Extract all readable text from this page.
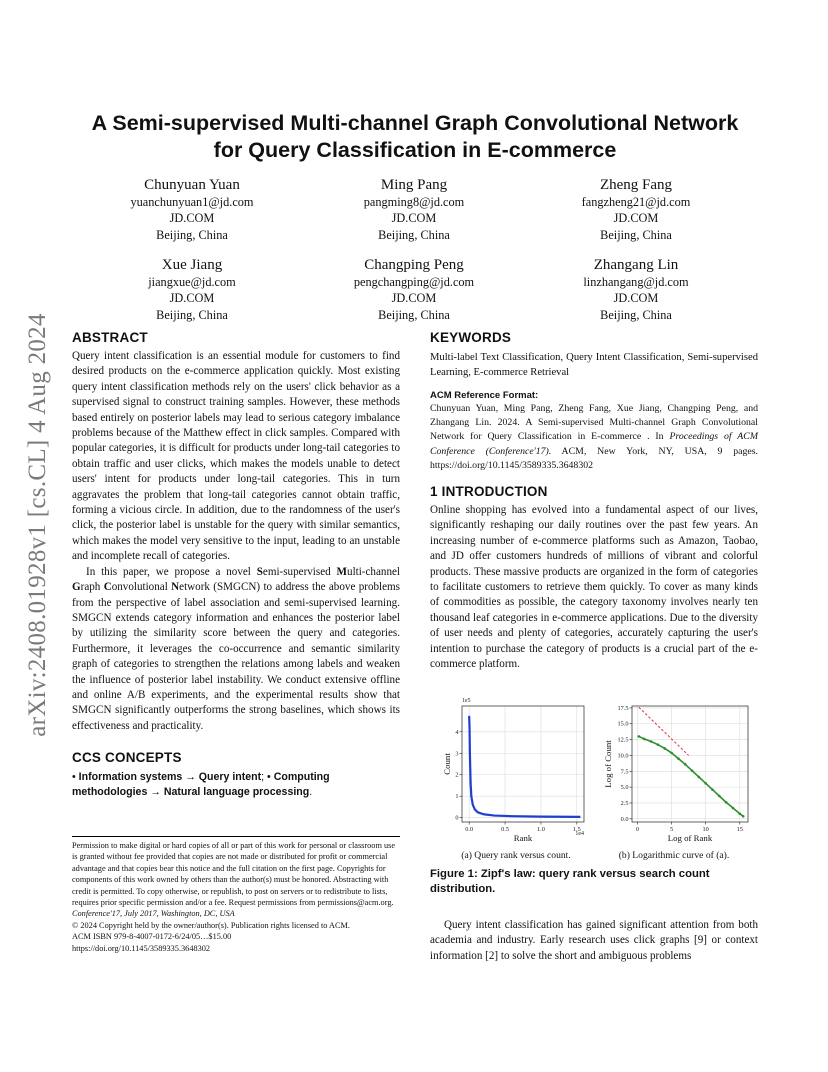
arXiv:2408.01928v1 [cs.CL] 4 Aug 2024
A Semi-supervised Multi-channel Graph Convolutional Network
for Query Classification in E-commerce
Chunyuan Yuan
yuanchunyuan1@jd.com
JD.COM
Beijing, China
Ming Pang
pangming8@jd.com
JD.COM
Beijing, China
Zheng Fang
fangzheng21@jd.com
JD.COM
Beijing, China
Xue Jiang
jiangxue@jd.com
JD.COM
Beijing, China
Changping Peng
pengchangping@jd.com
JD.COM
Beijing, China
Zhangang Lin
linzhangang@jd.com
JD.COM
Beijing, China
ABSTRACT

Query intent classification is an essential module for customers to find desired products on the e-commerce application quickly. Most existing query intent classification methods rely on the users' click behavior as a supervised signal to construct training samples. However, these methods based entirely on posterior labels may lead to serious category imbalance problems because of the Matthew effect in click samples. Compared with popular categories, it is difficult for products under long-tail categories to obtain traffic and user clicks, which makes the models unable to detect users' intent for products under long-tail categories. This in turn aggravates the problem that long-tail categories cannot obtain traffic, forming a vicious circle. In addition, due to the randomness of the user's click, the posterior label is unstable for the query with similar semantics, which makes the model very sensitive to the input, leading to an unstable and incomplete recall of categories.

In this paper, we propose a novel Semi-supervised Multi-channel Graph Convolutional Network (SMGCN) to address the above problems from the perspective of label association and semi-supervised learning. SMGCN extends category information and enhances the posterior label by utilizing the similarity score between the query and categories. Furthermore, it leverages the co-occurrence and semantic similarity graph of categories to strengthen the relations among labels and weaken the influence of posterior label instability. We conduct extensive offline and online A/B experiments, and the experimental results show that SMGCN significantly outperforms the strong baselines, which shows its effectiveness and practicality.

CCS CONCEPTS

• Information systems → Query intent; • Computing methodologies → Natural language processing.

Permission to make digital or hard copies of all or part of this work for personal or classroom use is granted without fee provided that copies are not made or distributed for profit or commercial advantage and that copies bear this notice and the full citation on the first page. Copyrights for components of this work owned by others than the author(s) must be honored. Abstracting with credit is permitted. To copy otherwise, or republish, to post on servers or to redistribute to lists, requires prior specific permission and/or a fee. Request permissions from permissions@acm.org.

Conference'17, July 2017, Washington, DC, USA

© 2024 Copyright held by the owner/author(s). Publication rights licensed to ACM.

ACM ISBN 979-8-4007-0172-6/24/05…$15.00

https://doi.org/10.1145/3589335.3648302

KEYWORDS

Multi-label Text Classification, Query Intent Classification, Semi-supervised Learning, E-commerce Retrieval

ACM Reference Format:

Chunyuan Yuan, Ming Pang, Zheng Fang, Xue Jiang, Changping Peng, and Zhangang Lin. 2024. A Semi-supervised Multi-channel Graph Convolutional Network for Query Classification in E-commerce . In Proceedings of ACM Conference (Conference'17). ACM, New York, NY, USA, 9 pages. https://doi.org/10.1145/3589335.3648302

1 INTRODUCTION

Online shopping has evolved into a fundamental aspect of our lives, significantly reshaping our daily routines over the past few years. An increasing number of e-commerce platforms such as Amazon, Taobao, and JD offer customers hundreds of millions of vibrant and colorful products. These massive products are organized in the form of categories to facilitate customers to retrieve them quickly. To cover as many kinds of commodities as possible, the category taxonomy involves nearly ten thousand leaf categories in e-commerce applications. Due to the diversity of user needs and plenty of categories, accurately capturing the user's intention to purchase the category of products is a crucial part of the e-commerce platform.

0.0	0.5	1.0	1.5
0
1
2
3
4
Rank
Count
1e5
1e4
(a) Query rank versus count.
0	5	10	15
0.0
2.5
5.0
7.5
10.0
12.5
15.0
17.5
Log of Rank
Log of Count
(b) Logarithmic curve of (a).
Figure 1: Zipf's law: query rank versus search count distribution.

Query intent classification has gained significant attention from both academia and industry. Early research uses click graphs [9] or context information [2] to solve the short and ambiguous problems
